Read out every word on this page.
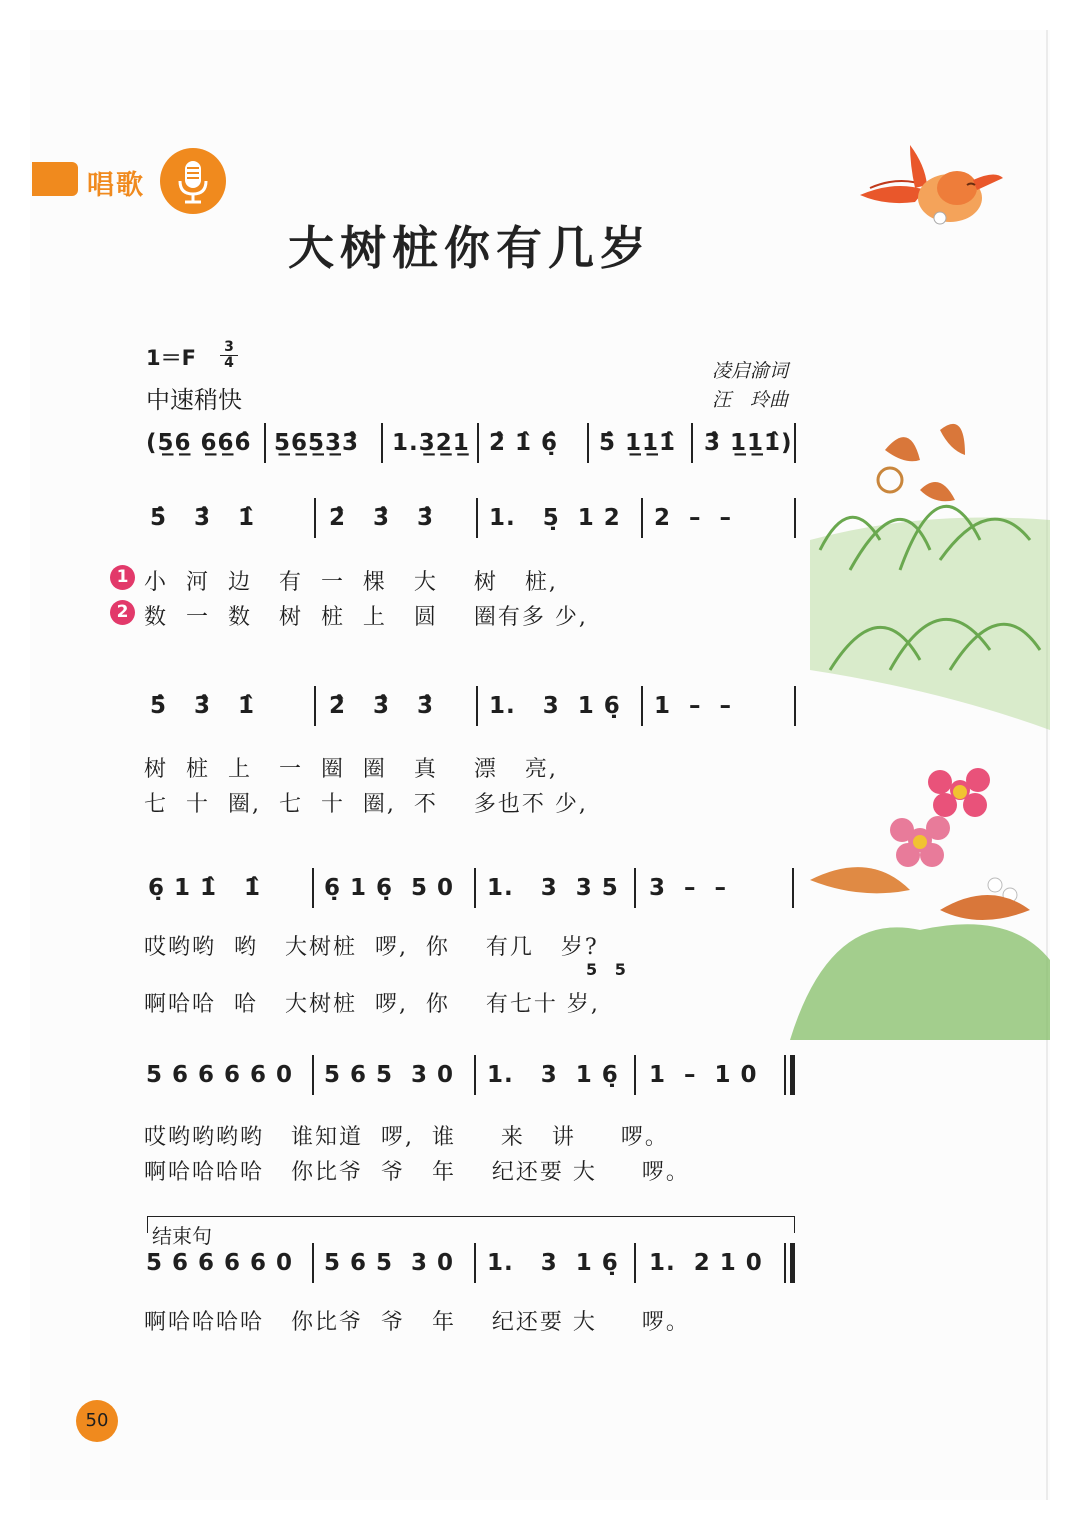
唱歌
大树桩你有几岁
1＝F 3
4
中速稍快
凌启渝词
汪　玲曲
(5̲6̲ 6̲6̲6̂ 5̲6̲5̲3̲3̂ 1.3̲2̲1̲ 2̂ 1̂ 6̣̂ 5̂ 1̲1̲1̂ 3̂ 1̲1̲1̂)
5̂   3̂   1̂	2̂   3̂   3̂ 1.   5̣  1 2 2  –  –
1
2
小  河  边   有  一  棵   大    树   桩,
数  一  数   树  桩  上   圆    圈有多 少,
5̂   3̂   1̂	2̂   3̂   3̂ 1.   3  1 6̣ 1  –  –
树  桩  上   一  圈  圈   真    漂   亮,
七  十  圈,  七  十  圈,  不    多也不 少,
6̣ 1 1̂   1̂	6̣ 1 6̣  5 0 1.   3  3 5 3  –  –
哎哟哟  哟   大树桩  啰,  你    有几   岁?
5 5
啊哈哈  哈   大树桩  啰,  你    有七十 岁,
5 6 6 6 6 0 5 6 5  3 0 1.   3  1 6̣ 1  –  1 0
哎哟哟哟哟   谁知道  啰,  谁     来   讲     啰。
啊哈哈哈哈   你比爷  爷   年    纪还要 大     啰。
结束句
5 6 6 6 6 0 5 6 5  3 0 1.   3  1 6̣ 1.  2 1 0
啊哈哈哈哈   你比爷  爷   年    纪还要 大     啰。
50
